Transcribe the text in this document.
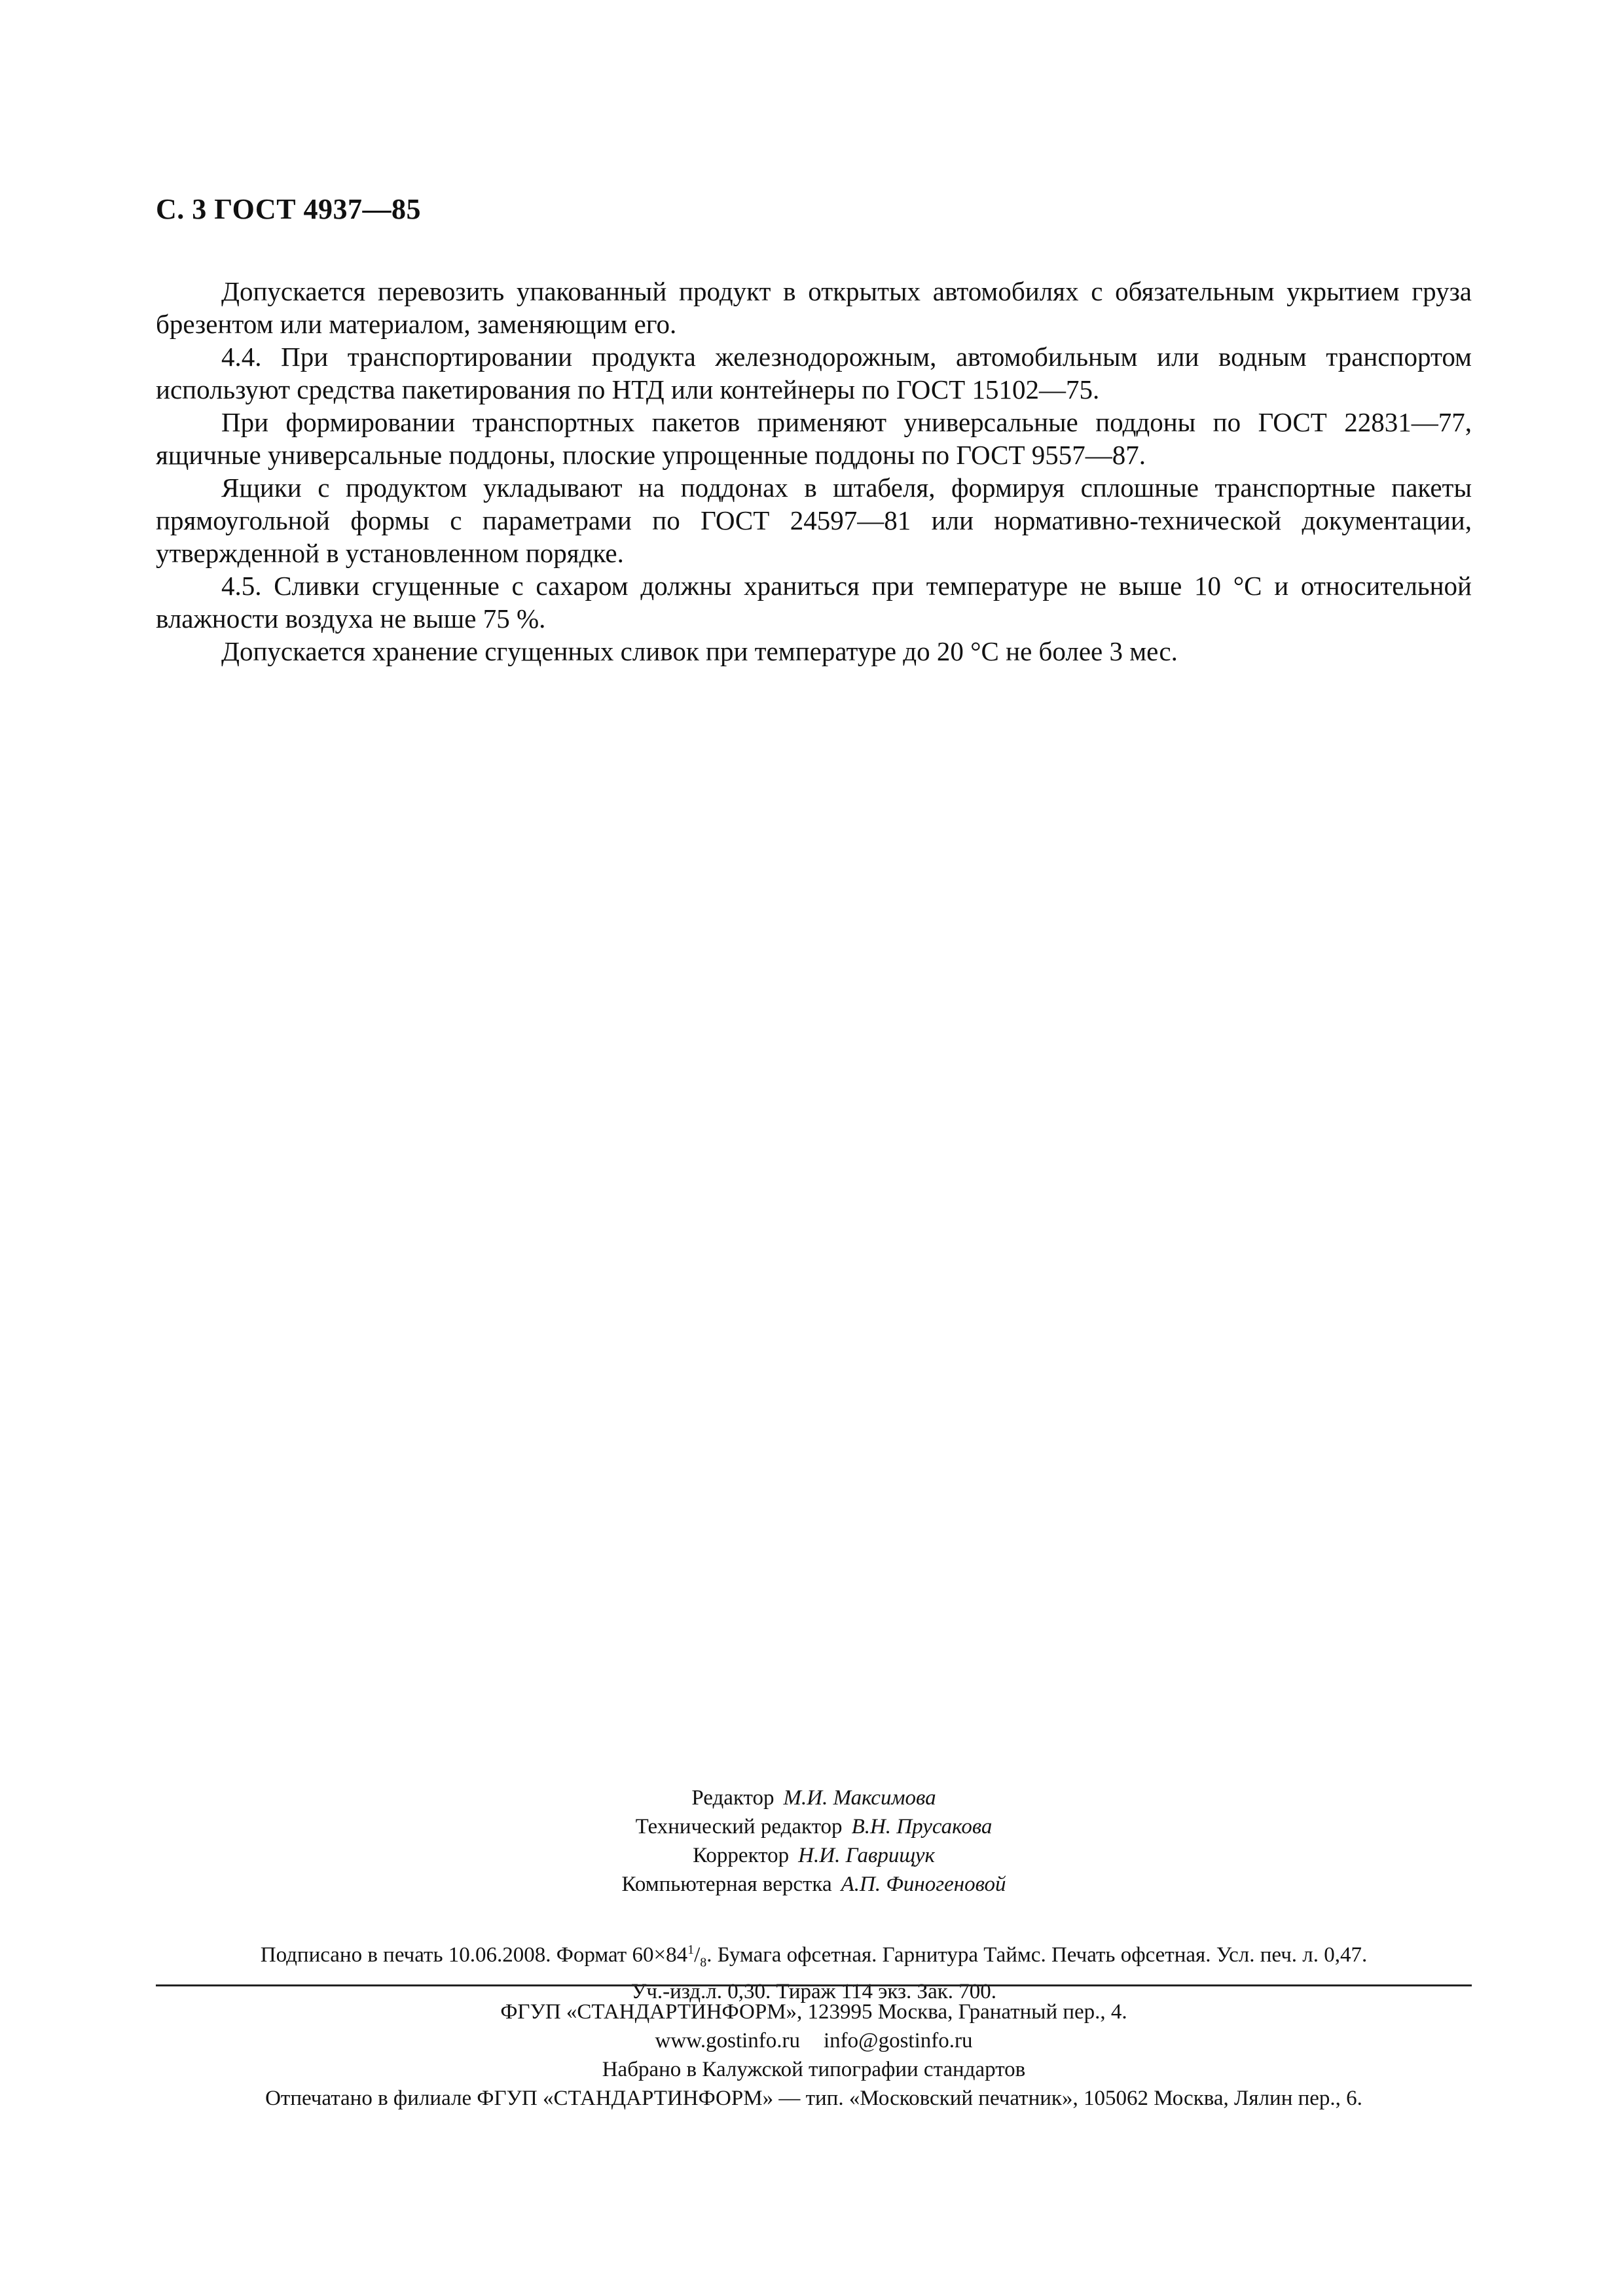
С. 3 ГОСТ 4937—85

Допускается перевозить упакованный продукт в открытых автомобилях с обязательным укрытием груза брезентом или материалом, заменяющим его.

4.4. При транспортировании продукта железнодорожным, автомобильным или водным транспортом используют средства пакетирования по НТД или контейнеры по ГОСТ 15102—75.

При формировании транспортных пакетов применяют универсальные поддоны по ГОСТ 22831—77, ящичные универсальные поддоны, плоские упрощенные поддоны по ГОСТ 9557—87.

Ящики с продуктом укладывают на поддонах в штабеля, формируя сплошные транспортные пакеты прямоугольной формы с параметрами по ГОСТ 24597—81 или нормативно-технической документации, утвержденной в установленном порядке.

4.5. Сливки сгущенные с сахаром должны храниться при температуре не выше 10 °С и относительной влажности воздуха не выше 75 %.

Допускается хранение сгущенных сливок при температуре до 20 °С не более 3 мес.

Редактор М.И. Максимова
Технический редактор В.Н. Прусакова
Корректор Н.И. Гаврищук
Компьютерная верстка А.П. Финогеновой
Подписано в печать 10.06.2008. Формат $60\times 84^1/_8$. Бумага офсетная. Гарнитура Таймс. Печать офсетная. Усл. печ. л. 0,47.
Уч.-изд.л. 0,30. Тираж 114 экз. Зак. 700.
ФГУП «СТАНДАРТИНФОРМ», 123995 Москва, Гранатный пер., 4.
www.gostinfo.ru info@gostinfo.ru
Набрано в Калужской типографии стандартов
Отпечатано в филиале ФГУП «СТАНДАРТИНФОРМ» — тип. «Московский печатник», 105062 Москва, Лялин пер., 6.
